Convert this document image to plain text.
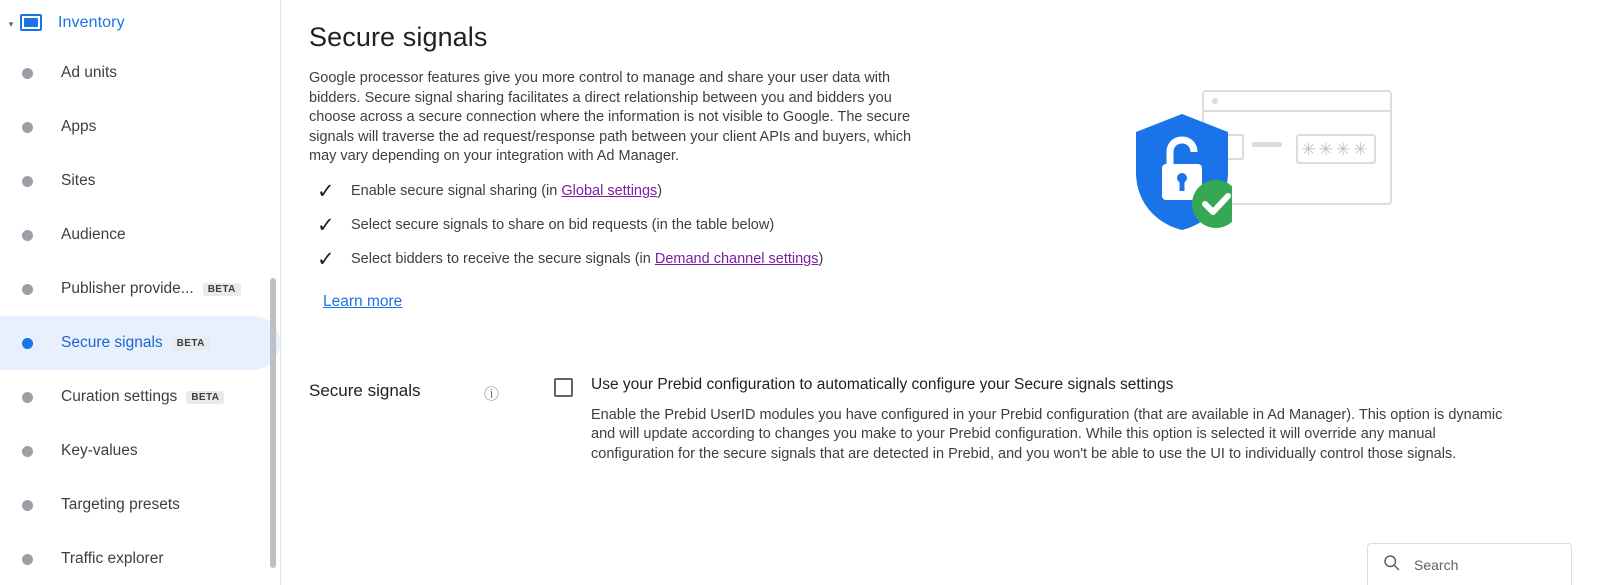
▾	Inventory
Ad units
Apps
Sites
Audience
Publisher provide...	BETA
Secure signals	BETA
Curation settings	BETA
Key-values
Targeting presets
Traffic explorer
Secure signals

Google processor features give you more control to manage and share your user data with bidders. Secure signal sharing facilitates a direct relationship between you and bidders you choose across a secure connection where the information is not visible to Google. The secure signals will traverse the ad request/response path between your client APIs and buyers, which may vary depending on your integration with Ad Manager.

✓	Enable secure signal sharing (in Global settings)
✓	Select secure signals to share on bid requests (in the table below)
✓	Select bidders to receive the secure signals (in Demand channel settings)
Learn more
✳✳✳✳
Secure signals	ⓘ
Use your Prebid configuration to automatically configure your Secure signals settings
Enable the Prebid UserID modules you have configured in your Prebid configuration (that are available in Ad Manager). This option is dynamic and will update according to changes you make to your Prebid configuration. While this option is selected it will override any manual configuration for the secure signals that are detected in Prebid, and you won't be able to use the UI to individually control those signals.
Search
